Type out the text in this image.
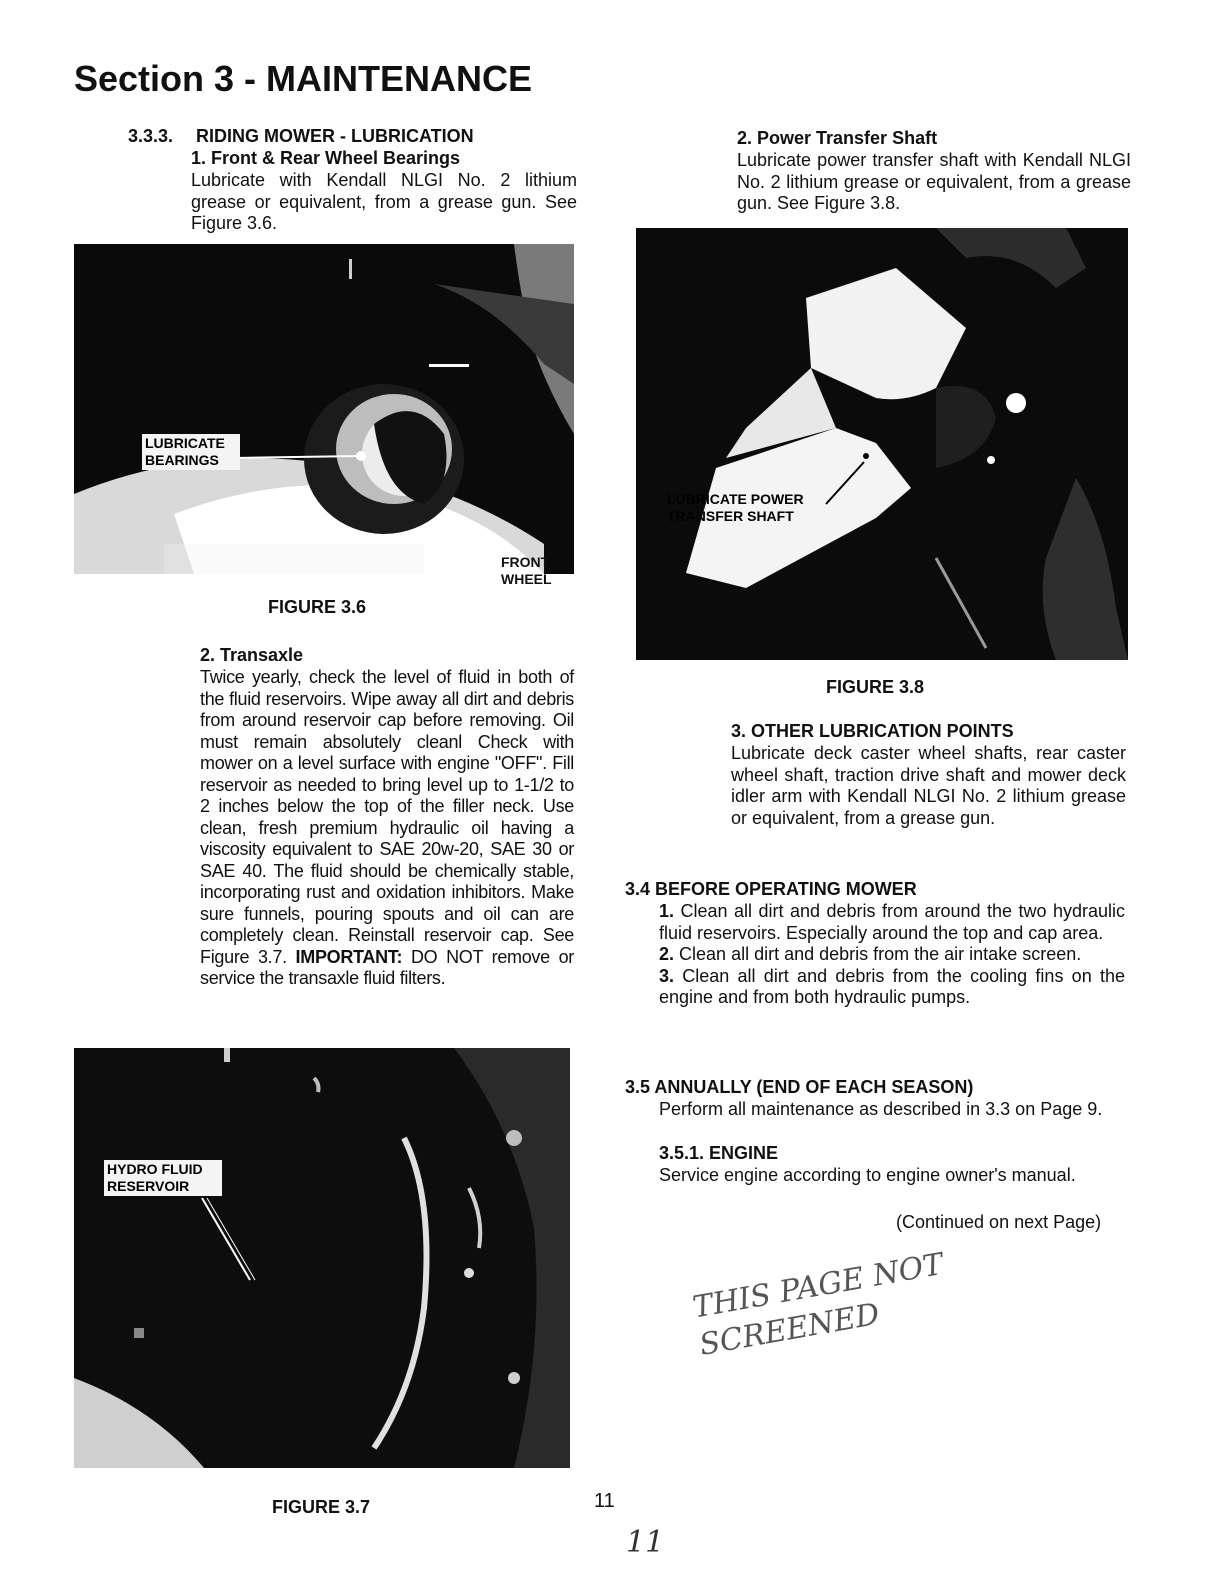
Section 3 - MAINTENANCE
3.3.3. RIDING MOWER - LUBRICATION
1. Front & Rear Wheel Bearings
Lubricate with Kendall NLGI No. 2 lithium grease or equivalent, from a grease gun. See Figure 3.6.
LUBRICATE BEARINGS
FRONT WHEEL
FIGURE 3.6
2. Transaxle
Twice yearly, check the level of fluid in both of the fluid reservoirs. Wipe away all dirt and debris from around reservoir cap before removing. Oil must remain absolutely cleanl Check with mower on a level surface with engine "OFF". Fill reservoir as needed to bring level up to 1-1/2 to 2 inches below the top of the filler neck. Use clean, fresh premium hydraulic oil having a viscosity equivalent to SAE 20w-20, SAE 30 or SAE 40. The fluid should be chemically stable, incorporating rust and oxidation inhibitors. Make sure funnels, pouring spouts and oil can are completely clean. Reinstall reservoir cap. See Figure 3.7. IMPORTANT: DO NOT remove or service the transaxle fluid filters.
HYDRO FLUID RESERVOIR
FIGURE 3.7	11
11
2. Power Transfer Shaft
Lubricate power transfer shaft with Kendall NLGI No. 2 lithium grease or equivalent, from a grease gun. See Figure 3.8.
LUBRICATE POWER TRANSFER SHAFT
FIGURE 3.8
3. OTHER LUBRICATION POINTS
Lubricate deck caster wheel shafts, rear caster wheel shaft, traction drive shaft and mower deck idler arm with Kendall NLGI No. 2 lithium grease or equivalent, from a grease gun.
3.4 BEFORE OPERATING MOWER
1. Clean all dirt and debris from around the two hydraulic fluid reservoirs. Especially around the top and cap area.
2. Clean all dirt and debris from the air intake screen.
3. Clean all dirt and debris from the cooling fins on the engine and from both hydraulic pumps.
3.5 ANNUALLY (END OF EACH SEASON)
Perform all maintenance as described in 3.3 on Page 9.
3.5.1. ENGINE
Service engine according to engine owner's manual.
(Continued on next Page)
THIS PAGE NOT SCREENED
